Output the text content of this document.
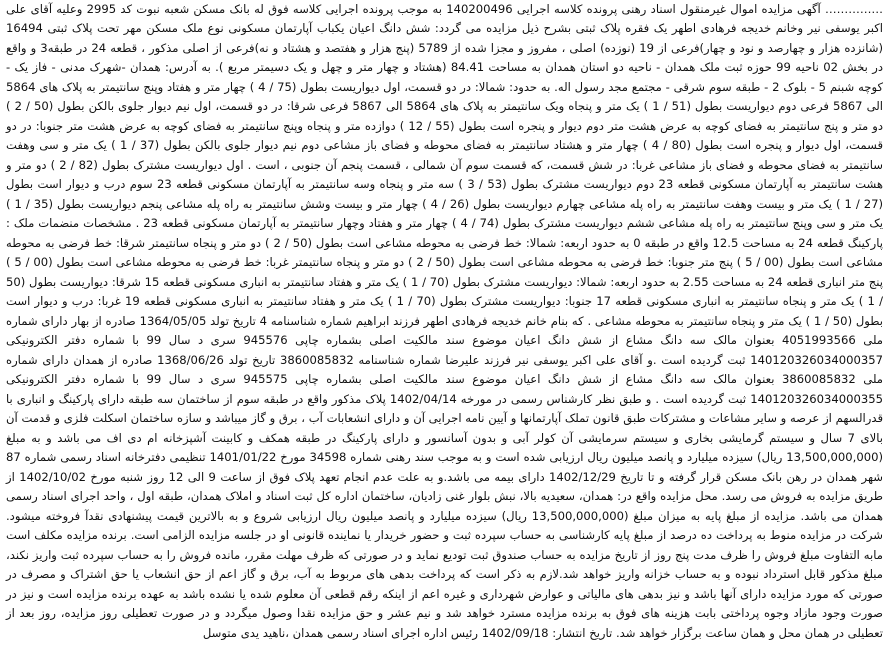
…………… آگهی مزایده اموال غیرمنقول اسناد رهنی پرونده کلاسه اجرایی 140200496 به موجب پرونده اجرایی کلاسه فوق له بانک مسکن شعبه نبوت کد 2995 وعلیه آقای علی اکبر یوسفی نیر وخانم خدیجه فرهادی اطهر یک فقره پلاک ثبتی بشرح ذیل مزایده می گردد: شش دانگ اعیان یکباب آپارتمان مسکونی نوع ملک مسکن مهر تحت پلاک ثبتی 16494 (شانزده هزار و چهارصد و نود و چهار)فرعی از 19 (نوزده) اصلی ، مفروز و مجزا شده از 5789 (پنج هزار و هفتصد و هشتاد و نه)فرعی از اصلی مذکور ، قطعه 24 در طبقه3 و واقع در بخش 02 ناحیه 99 حوزه ثبت ملک همدان - ناحیه دو استان همدان به مساحت 84.41 (هشتاد و چهار متر و چهل و یک دسیمتر مربع ). به آدرس: همدان -شهرک مدنی - فاز یک - کوچه شبنم 5 - بلوک 2 - طبقه سوم شرقی - مجتمع مجد رسول اله. به حدود: شمالا: در دو قسمت، اول دیواریست بطول (75 / 4 ) چهار متر و هفتاد وپنج سانتیمتر به پلاک های 5864 الی 5867 فرعی دوم دیواریست بطول (51 / 1 ) یک متر و پنجاه ویک سانتیمتر به پلاک های 5864 الی 5867 فرعی شرقا: در دو قسمت، اول نیم دیوار جلوی بالکن بطول (50 / 2 ) دو متر و پنج سانتیمتر به فضای کوچه به عرض هشت متر دوم دیوار و پنجره است بطول (55 / 12 ) دوازده متر و پنجاه وپنج سانتیمتر به فضای کوچه به عرض هشت متر جنوبا: در دو قسمت، اول دیوار و پنجره است بطول (80 / 4 ) چهار متر و هشتاد سانتیمتر به فضای محوطه و فضای باز مشاعی دوم نیم دیوار جلوی بالکن بطول (37 / 1 ) یک متر و سی وهفت سانتیمتر به فضای محوطه و فضای باز مشاعی غربا: در شش قسمت، که قسمت سوم آن شمالی ، قسمت پنجم آن جنوبی ، است . اول دیواریست مشترک بطول (82 / 2 ) دو متر و هشت سانتیمتر به آپارتمان مسکونی قطعه 23 دوم دیواریست مشترک بطول (53 / 3 ) سه متر و پنجاه وسه سانتیمتر به آپارتمان مسکونی قطعه 23 سوم درب و دیوار است بطول (27 / 1 ) یک متر و بیست وهفت سانتیمتر به راه پله مشاعی چهارم دیواریست بطول (26 / 4 ) چهار متر و بیست وشش سانتیمتر به راه پله مشاعی پنجم دیواریست بطول (35 / 1 ) یک متر و سی وپنج سانتیمتر به راه پله مشاعی ششم دیواریست مشترک بطول (74 / 4 ) چهار متر و هفتاد وچهار سانتیمتر به آپارتمان مسکونی قطعه 23 . مشخصات منضمات ملک : پارکینگ قطعه 24 به مساحت 12.5 واقع در طبقه 0 به حدود اربعه: شمالا: خط فرضی به محوطه مشاعی است بطول (50 / 2 ) دو متر و پنجاه سانتیمتر شرقا: خط فرضی به محوطه مشاعی است بطول (00 / 5 ) پنج متر جنوبا: خط فرضی به محوطه مشاعی است بطول (50 / 2 ) دو متر و پنجاه سانتیمتر غربا: خط فرضی به محوطه مشاعی است بطول (00 / 5 ) پنج متر انباری قطعه 24 به مساحت 2.55 به حدود اربعه: شمالا: دیواریست مشترک بطول (70 / 1 ) یک متر و هفتاد سانتیمتر به انباری مسکونی قطعه 15 شرقا: دیواریست بطول (50 / 1 ) یک متر و پنجاه سانتیمتر به انباری مسکونی قطعه 17 جنوبا: دیواریست مشترک بطول (70 / 1 ) یک متر و هفتاد سانتیمتر به انباری مسکونی قطعه 19 غربا: درب و دیوار است بطول (50 / 1 ) یک متر و پنجاه سانتیمتر به محوطه مشاعی . که بنام خانم خدیجه فرهادی اطهر فرزند ابراهیم شماره شناسنامه 4 تاریخ تولد 1364/05/05 صادره از بهار دارای شماره ملی 4051993566 بعنوان مالک سه دانگ مشاع از شش دانگ اعیان موضوع سند مالکیت اصلی بشماره چاپی 945576 سری د سال 99 با شماره دفتر الکترونیکی 140120326034000357 ثبت گردیده است .و آقای علی اکبر یوسفی نیر فرزند علیرضا شماره شناسنامه 3860085832 تاریخ تولد 1368/06/26 صادره از همدان دارای شماره ملی 3860085832 بعنوان مالک سه دانگ مشاع از شش دانگ اعیان موضوع سند مالکیت اصلی بشماره چاپی 945575 سری د سال 99 با شماره دفتر الکترونیکی 140120326034000355 ثبت گردیده است . و طبق نظر کارشناس رسمی در مورخه 1402/04/14 پلاک مذکور واقع در طبقه سوم از ساختمان سه طبقه دارای پارکینگ و انباری با قدرالسهم از عرصه و سایر مشاعات و مشترکات طبق قانون تملک آپارتمانها و آیین نامه اجرایی آن و دارای انشعابات آب ، برق و گاز میباشد و سازه ساختمان اسکلت فلزی و قدمت آن بالای 7 سال و سیستم گرمایشی بخاری و سیستم سرمایشی آن کولر آبی و بدون آسانسور و دارای پارکینگ در طبقه همکف و کابینت آشپزخانه ام دی اف می باشد و به مبلغ (13,500,000,000 ریال) سیزده میلیارد و پانصد میلیون ریال ارزیابی شده است و به موجب سند رهنی شماره 34598 مورخ 1401/01/22 تنظیمی دفترخانه اسناد رسمی شماره 87 شهر همدان در رهن بانک مسکن قرار گرفته و تا تاریخ 1402/12/29 دارای بیمه می باشد.و به علت عدم انجام تعهد پلاک فوق از ساعت 9 الی 12 روز شنبه مورخ 1402/10/02 از طریق مزایده به فروش می رسد. محل مزایده واقع در: همدان، سعیدیه بالا، نبش بلوار غنی زادیان، ساختمان اداره کل ثبت اسناد و املاک همدان، طبقه اول ، واحد اجرای اسناد رسمی همدان می باشد. مزایده از مبلغ پایه به میزان مبلغ (13,500,000,000 ریال) سیزده میلیارد و پانصد میلیون ریال ارزیابی شروع و به بالاترین قیمت پیشنهادی نقدآ فروخته میشود. شرکت در مزایده منوط به پرداخت ده درصد از مبلغ پایه کارشناسی به حساب سپرده ثبت و حضور خریدار یا نماینده قانونی او در جلسه مزایده الزامی است. برنده مزایده مکلف است مابه التفاوت مبلغ فروش را ظرف مدت پنج روز از تاریخ مزایده به حساب صندوق ثبت تودیع نماید و در صورتی که ظرف مهلت مقرر، مانده فروش را به حساب سپرده ثبت واریز نکند، مبلغ مذکور قابل استرداد نبوده و به حساب خزانه واریز خواهد شد.لازم به ذکر است که پرداخت بدهی های مربوط به آب، برق و گاز اعم از حق انشعاب یا حق اشتراک و مصرف در صورتی که مورد مزایده دارای آنها باشد و نیز بدهی های مالیاتی و عوارض شهرداری و غیره اعم از اینکه رقم قطعی آن معلوم شده یا نشده باشد به عهده برنده مزایده است و نیز در صورت وجود مازاد وجوه پرداختی بابت هزینه های فوق به برنده مزایده مسترد خواهد شد و نیم عشر و حق مزایده نقدا وصول میگردد و در صورت تعطیلی روز مزایده، روز بعد از تعطیلی در همان محل و همان ساعت برگزار خواهد شد. تاریخ انتشار: 1402/09/18 رئیس اداره اجرای اسناد رسمی همدان ،ناهید یدی متوسل
